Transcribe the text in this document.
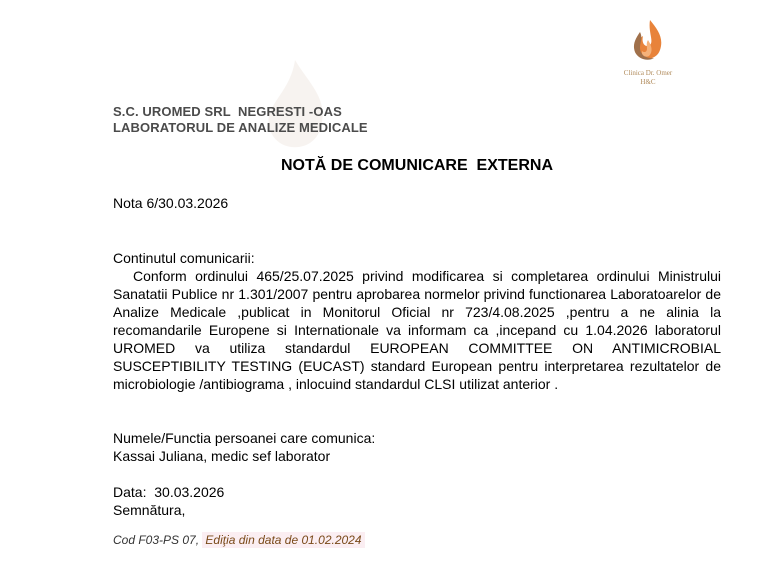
Clinica Dr. Omer
H&C
S.C. UROMED SRL  NEGRESTI -OAS
LABORATORUL DE ANALIZE MEDICALE
NOTĂ DE COMUNICARE  EXTERNA
Nota 6/30.03.2026
Continutul comunicarii:

Conform ordinului 465/25.07.2025 privind modificarea si completarea ordinului Ministrului Sanatatii Publice nr 1.301/2007 pentru aprobarea normelor privind functionarea Laboratoarelor de Analize Medicale ,publicat in Monitorul Oficial nr 723/4.08.2025 ,pentru a ne alinia la recomandarile Europene si Internationale va informam ca ,incepand cu 1.04.2026 laboratorul UROMED va utiliza standardul EUROPEAN COMMITTEE ON ANTIMICROBIAL SUSCEPTIBILITY TESTING (EUCAST) standard European pentru interpretarea rezultatelor de microbiologie /antibiograma , inlocuind standardul CLSI utilizat anterior .

Numele/Functia persoanei care comunica:
Kassai Juliana, medic sef laborator
Data:  30.03.2026
Semnătura,
Cod F03-PS 07, Ediţia din data de 01.02.2024
